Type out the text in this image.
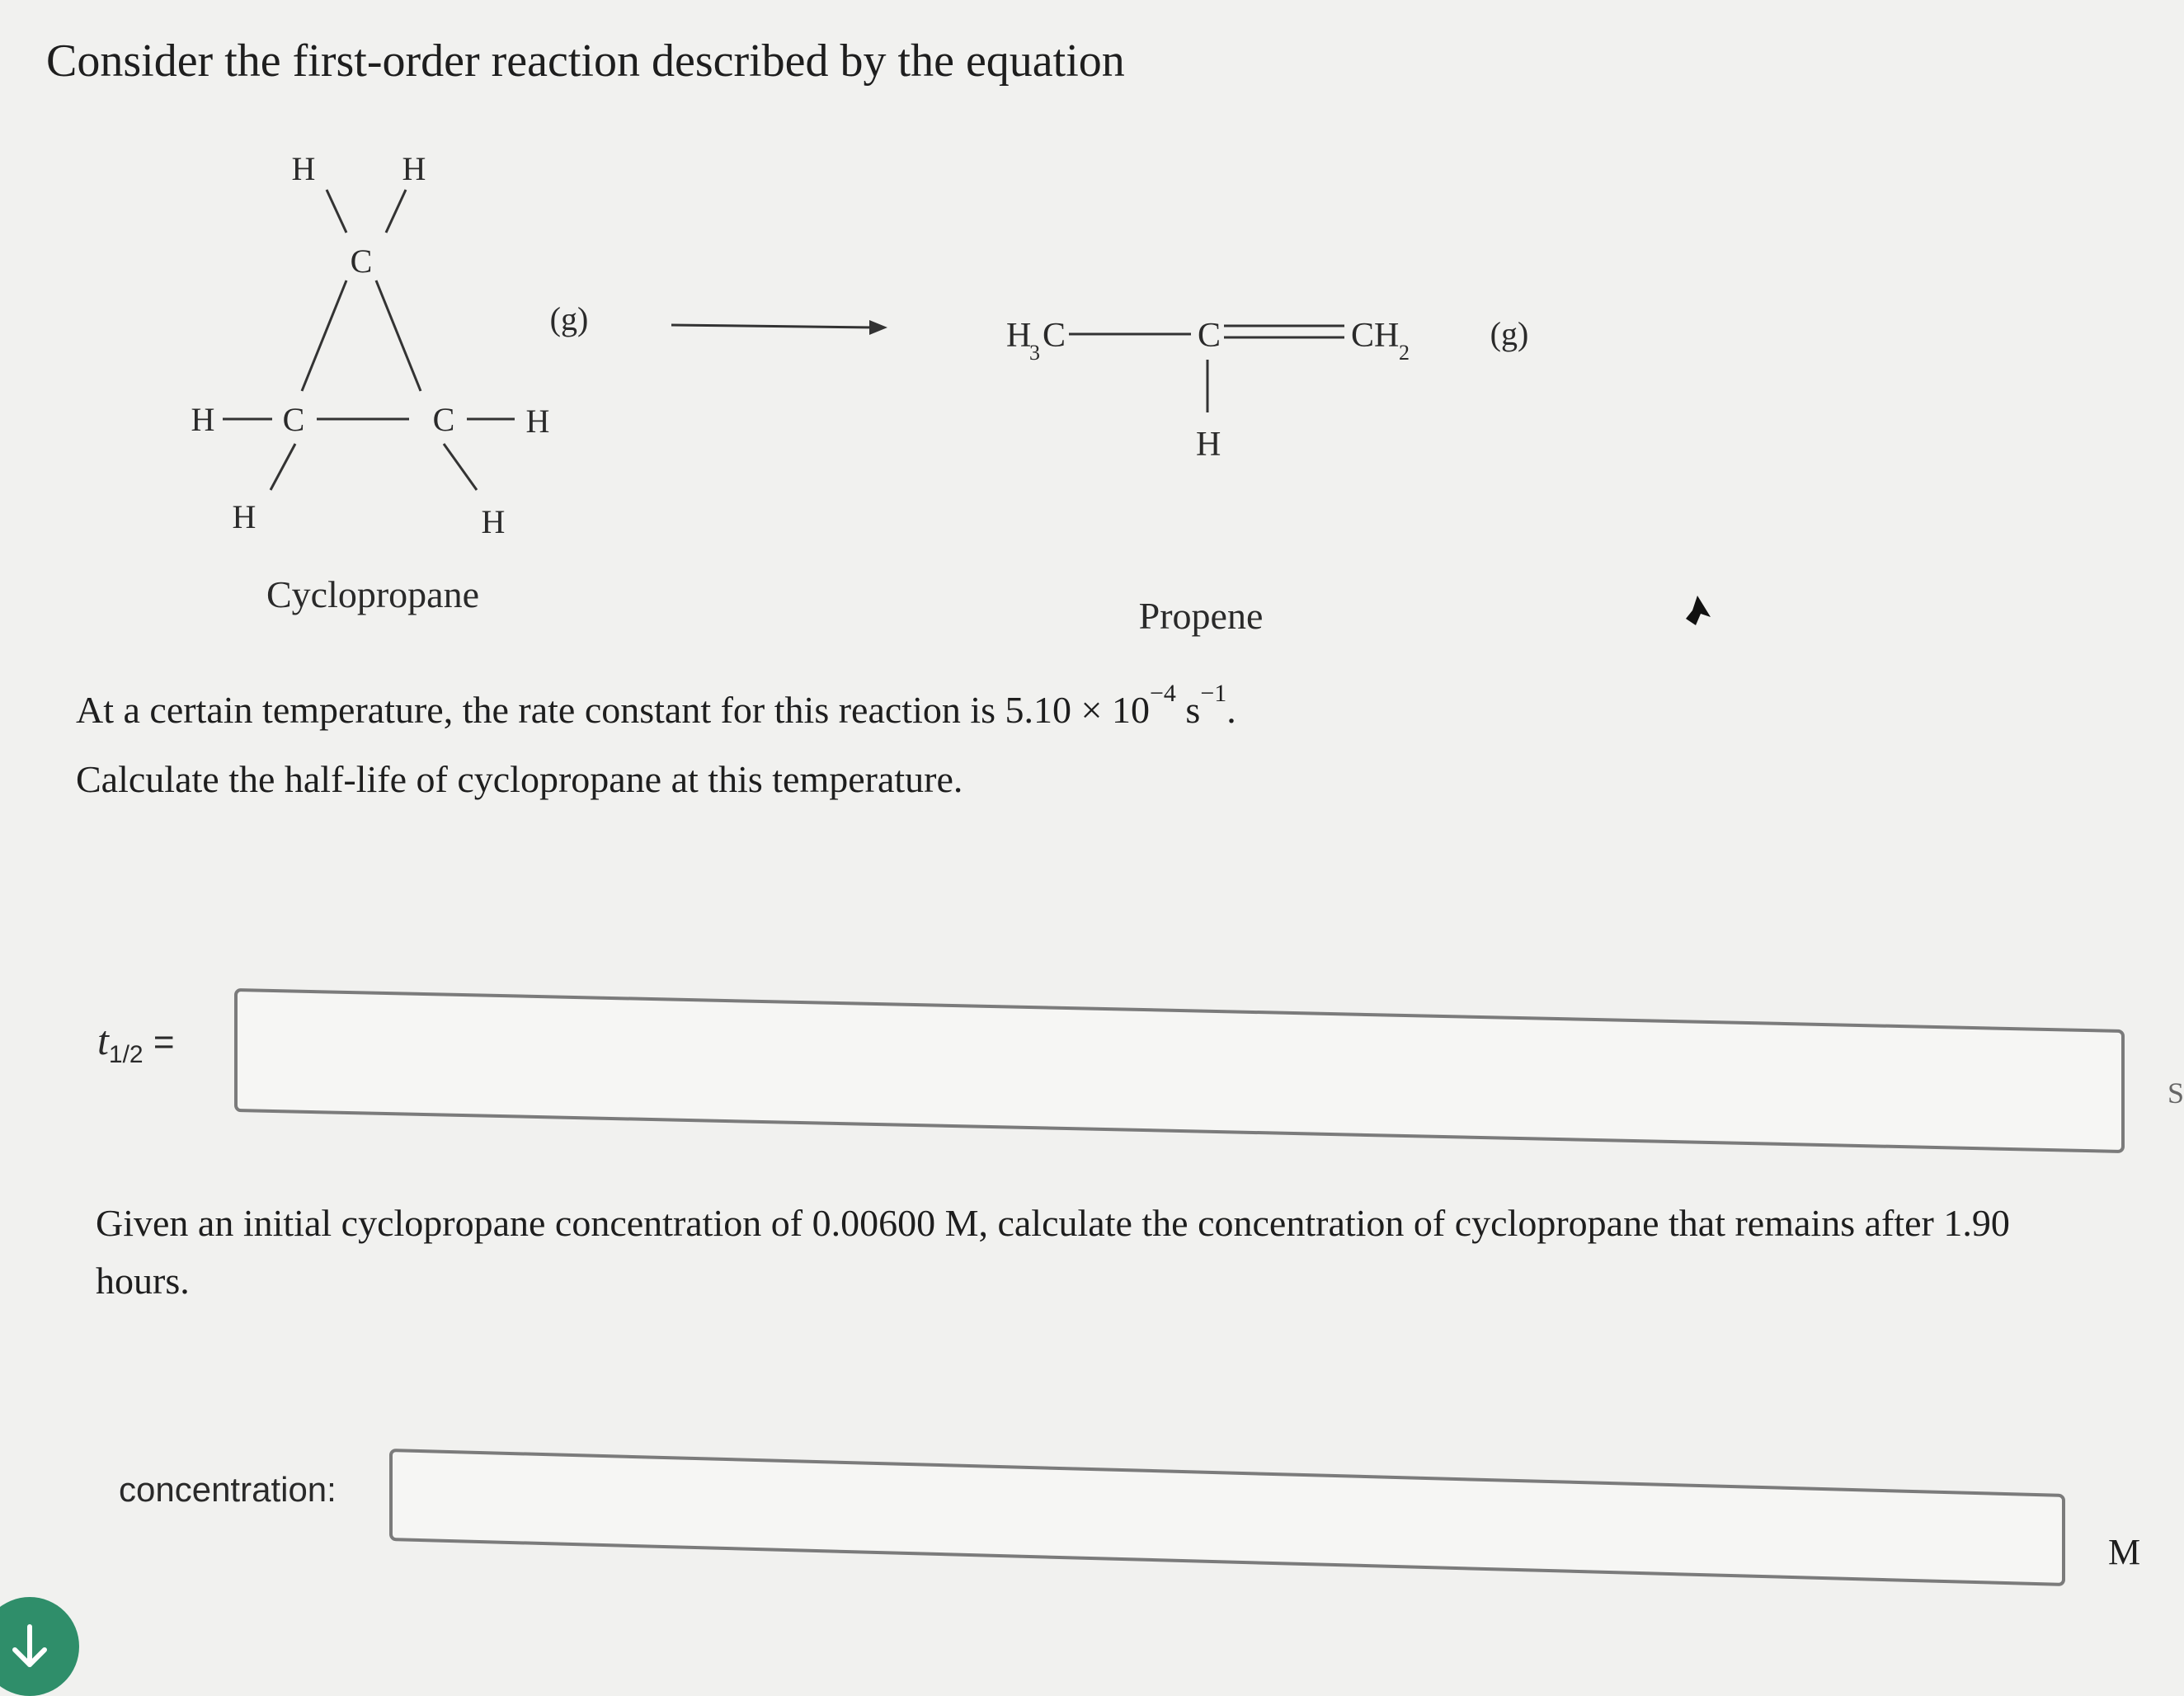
Consider the first-order reaction described by the equation

H	H
C
H C	C H
H	H
(g)
Cyclopropane
H
3 C	C	CH 2
H
(g)
Propene

At a certain temperature, the rate constant for this reaction is $5.10 \times 10^{-4}$ $s^{-1}$.

Calculate the half-life of cyclopropane at this temperature.

$t_{1/2}$ =

Given an initial cyclopropane concentration of 0.00600 M, calculate the concentration of cyclopropane that remains after 1.90 hours.

concentration:
M
S
